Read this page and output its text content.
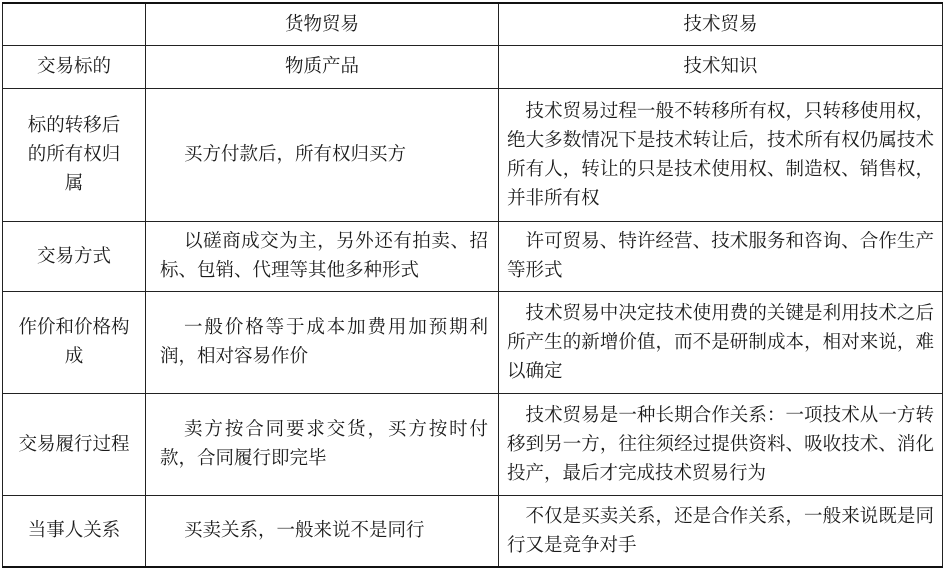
	货物贸易	技术贸易
交易标的	物质产品	技术知识
标的转移后的所有权归属	买方付款后，所有权归买方	技术贸易过程一般不转移所有权，只转移使用权，绝大多数情况下是技术转让后，技术所有权仍属技术所有人，转让的只是技术使用权、制造权、销售权，并非所有权
交易方式	以磋商成交为主，另外还有拍卖、招标、包销、代理等其他多种形式	许可贸易、特许经营、技术服务和咨询、合作生产等形式
作价和价格构成	一般价格等于成本加费用加预期利润，相对容易作价	技术贸易中决定技术使用费的关键是利用技术之后所产生的新增价值，而不是研制成本，相对来说，难以确定
交易履行过程	卖方按合同要求交货，买方按时付款，合同履行即完毕	技术贸易是一种长期合作关系：一项技术从一方转移到另一方，往往须经过提供资料、吸收技术、消化投产，最后才完成技术贸易行为
当事人关系	买卖关系，一般来说不是同行	不仅是买卖关系，还是合作关系，一般来说既是同行又是竞争对手
